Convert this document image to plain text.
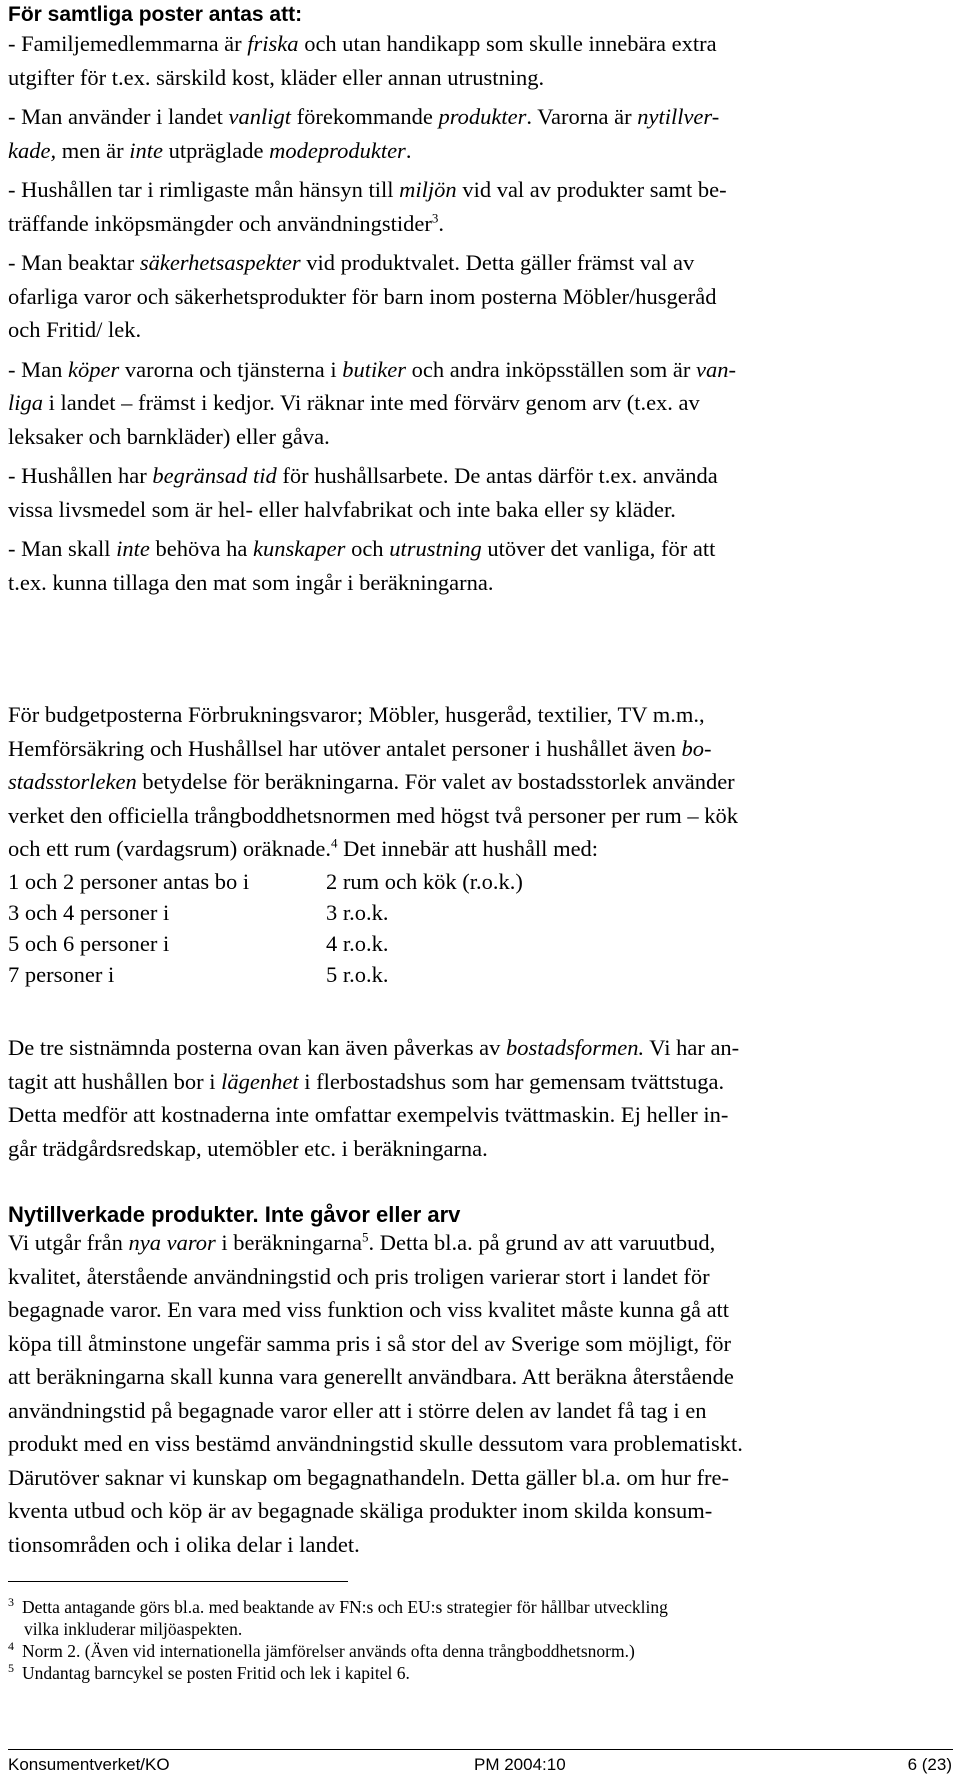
För samtliga poster antas att:
- Familjemedlemmarna är friska och utan handikapp som skulle innebära extra
utgifter för t.ex. särskild kost, kläder eller annan utrustning.
- Man använder i landet vanligt förekommande produkter. Varorna är nytillver-
kade, men är inte utpräglade modeprodukter.
- Hushållen tar i rimligaste mån hänsyn till miljön vid val av produkter samt be-
träffande inköpsmängder och användningstider$^3$.
- Man beaktar säkerhetsaspekter vid produktvalet. Detta gäller främst val av
ofarliga varor och säkerhetsprodukter för barn inom posterna Möbler/husgeråd
och Fritid/ lek.
- Man köper varorna och tjänsterna i butiker och andra inköpsställen som är van-
liga i landet – främst i kedjor. Vi räknar inte med förvärv genom arv (t.ex. av
leksaker och barnkläder) eller gåva.
- Hushållen har begränsad tid för hushållsarbete. De antas därför t.ex. använda
vissa livsmedel som är hel- eller halvfabrikat och inte baka eller sy kläder.
- Man skall inte behöva ha kunskaper och utrustning utöver det vanliga, för att
t.ex. kunna tillaga den mat som ingår i beräkningarna.
För budgetposterna Förbrukningsvaror; Möbler, husgeråd, textilier, TV m.m.,
Hemförsäkring och Hushållsel har utöver antalet personer i hushållet även bo-
stadsstorleken betydelse för beräkningarna. För valet av bostadsstorlek använder
verket den officiella trångboddhetsnormen med högst två personer per rum – kök
och ett rum (vardagsrum) oräknade.$^4$ Det innebär att hushåll med:
1 och 2 personer antas bo i	2 rum och kök (r.o.k.)
3 och 4 personer i	3 r.o.k.
5 och 6 personer i	4 r.o.k.
7 personer i	5 r.o.k.
De tre sistnämnda posterna ovan kan även påverkas av bostadsformen. Vi har an-
tagit att hushållen bor i lägenhet i flerbostadshus som har gemensam tvättstuga.
Detta medför att kostnaderna inte omfattar exempelvis tvättmaskin. Ej heller in-
går trädgårdsredskap, utemöbler etc. i beräkningarna.
Nytillverkade produkter. Inte gåvor eller arv
Vi utgår från nya varor i beräkningarna$^5$. Detta bl.a. på grund av att varuutbud,
kvalitet, återstående användningstid och pris troligen varierar stort i landet för
begagnade varor. En vara med viss funktion och viss kvalitet måste kunna gå att
köpa till åtminstone ungefär samma pris i så stor del av Sverige som möjligt, för
att beräkningarna skall kunna vara generellt användbara. Att beräkna återstående
användningstid på begagnade varor eller att i större delen av landet få tag i en
produkt med en viss bestämd användningstid skulle dessutom vara problematiskt.
Därutöver saknar vi kunskap om begagnathandeln. Detta gäller bl.a. om hur fre-
kventa utbud och köp är av begagnade skäliga produkter inom skilda konsum-
tionsområden och i olika delar i landet.
$^3$ Detta antagande görs bl.a. med beaktande av FN:s och EU:s strategier för hållbar utveckling
vilka inkluderar miljöaspekten.
$^4$ Norm 2. (Även vid internationella jämförelser används ofta denna trångboddhetsnorm.)
$^5$ Undantag barncykel se posten Fritid och lek i kapitel 6.
Konsumentverket/KO	PM 2004:10	6 (23)
